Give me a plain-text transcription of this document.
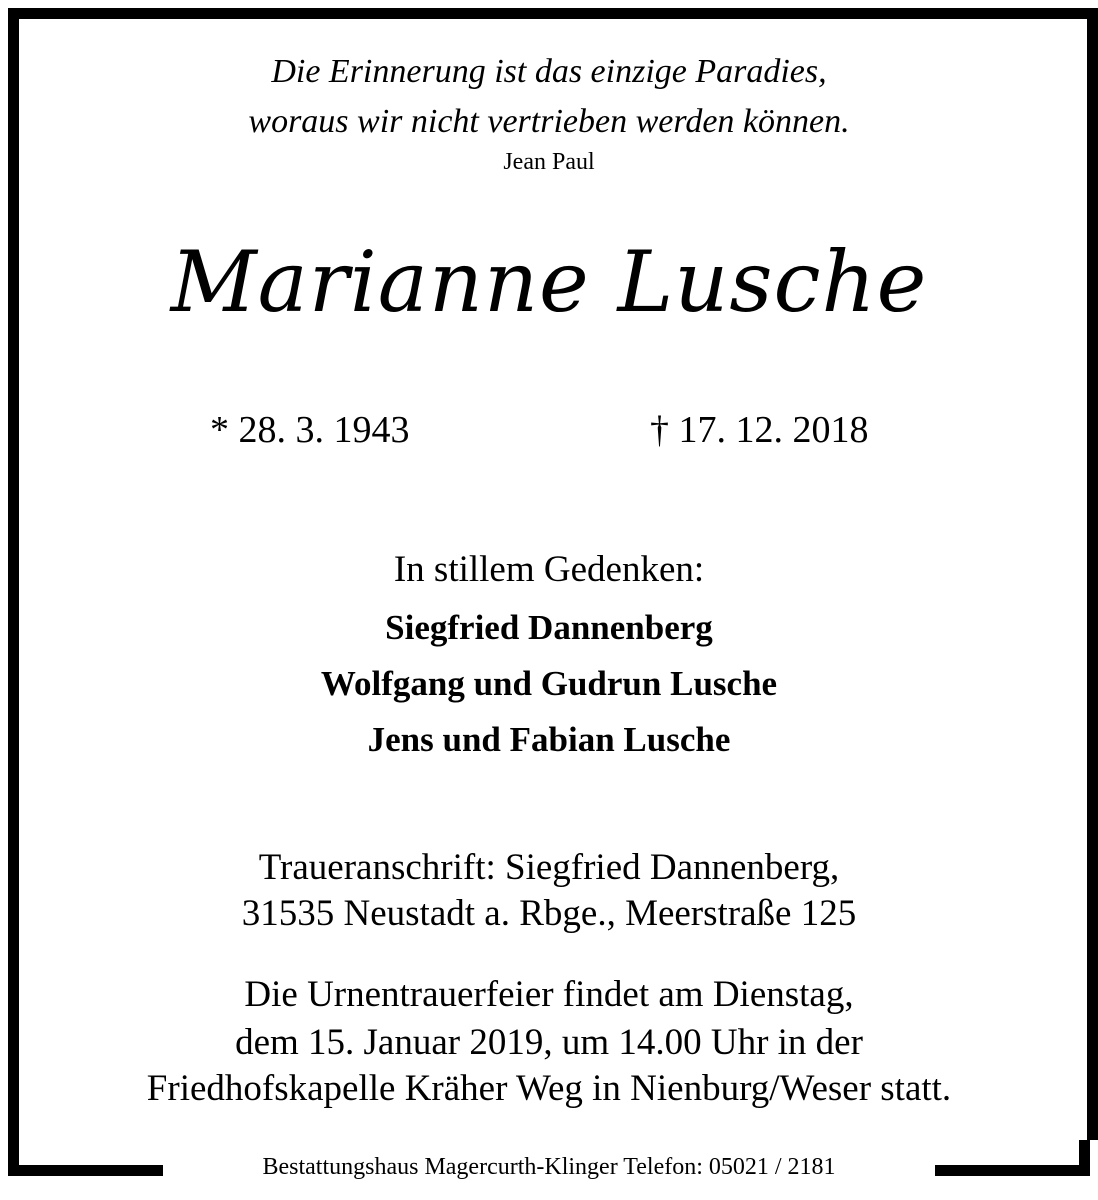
Die Erinnerung ist das einzige Paradies,
woraus wir nicht vertrieben werden können.
Jean Paul
Marianne Lusche
* 28. 3. 1943	† 17. 12. 2018
In stillem Gedenken:
Siegfried Dannenberg
Wolfgang und Gudrun Lusche
Jens und Fabian Lusche
Traueranschrift: Siegfried Dannenberg,
31535 Neustadt a. Rbge., Meerstraße 125
Die Urnentrauerfeier findet am Dienstag,
dem 15. Januar 2019, um 14.00 Uhr in der
Friedhofskapelle Kräher Weg in Nienburg/Weser statt.
Bestattungshaus Magercurth-Klinger Telefon: 05021 / 2181
